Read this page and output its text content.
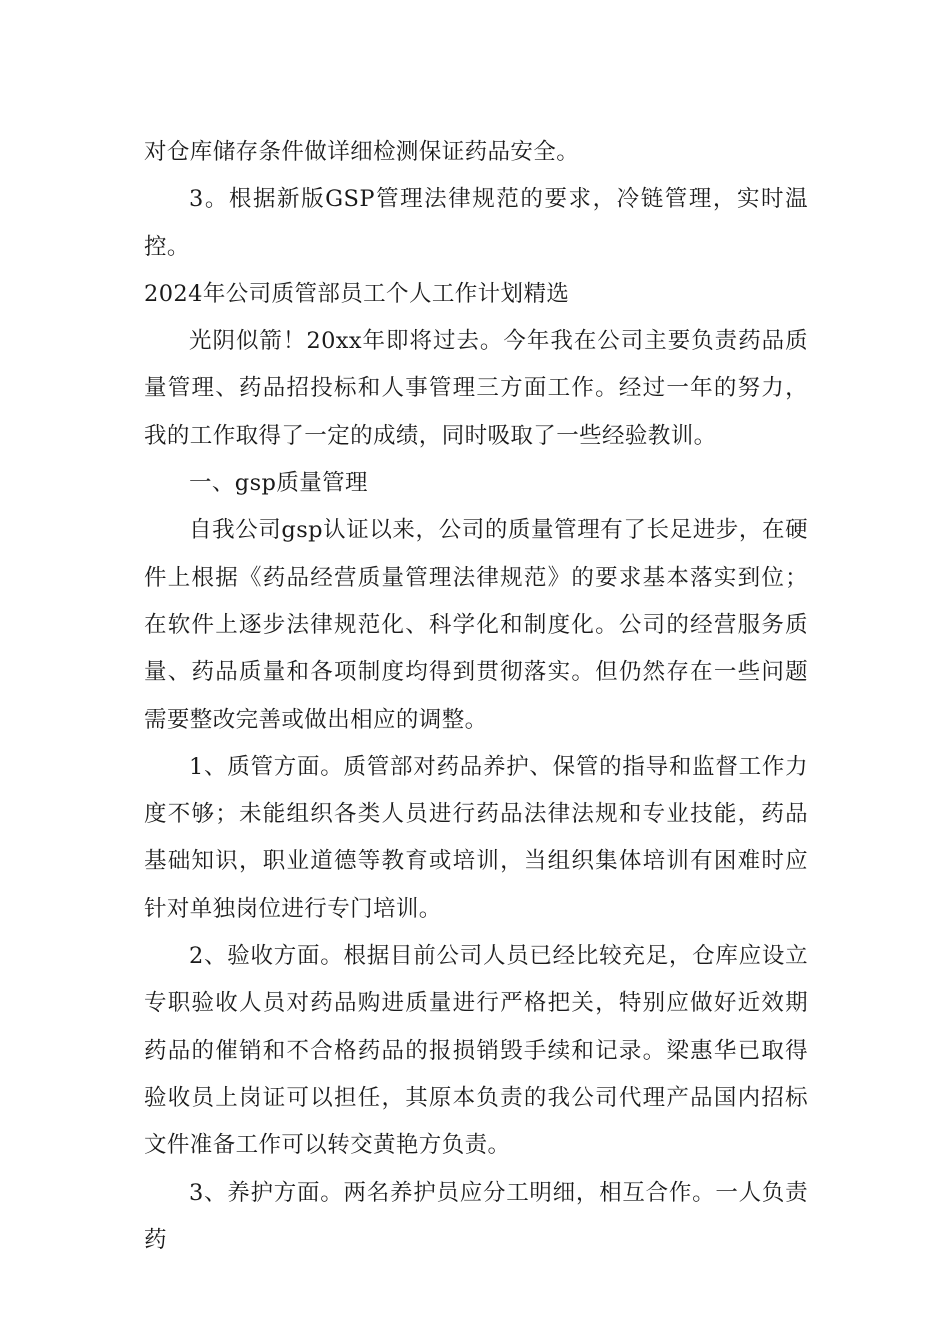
对仓库储存条件做详细检测保证药品安全。

3。根据新版GSP管理法律规范的要求，冷链管理，实时温控。

2024年公司质管部员工个人工作计划精选

光阴似箭！20xx年即将过去。今年我在公司主要负责药品质量管理、药品招投标和人事管理三方面工作。经过一年的努力，我的工作取得了一定的成绩，同时吸取了一些经验教训。

一、gsp质量管理

自我公司gsp认证以来，公司的质量管理有了长足进步，在硬件上根据《药品经营质量管理法律规范》的要求基本落实到位；在软件上逐步法律规范化、科学化和制度化。公司的经营服务质量、药品质量和各项制度均得到贯彻落实。但仍然存在一些问题需要整改完善或做出相应的调整。

1、质管方面。质管部对药品养护、保管的指导和监督工作力度不够；未能组织各类人员进行药品法律法规和专业技能，药品基础知识，职业道德等教育或培训，当组织集体培训有困难时应针对单独岗位进行专门培训。

2、验收方面。根据目前公司人员已经比较充足，仓库应设立专职验收人员对药品购进质量进行严格把关，特别应做好近效期药品的催销和不合格药品的报损销毁手续和记录。梁惠华已取得验收员上岗证可以担任，其原本负责的我公司代理产品国内招标文件准备工作可以转交黄艳方负责。

3、养护方面。两名养护员应分工明细，相互合作。一人负责药
